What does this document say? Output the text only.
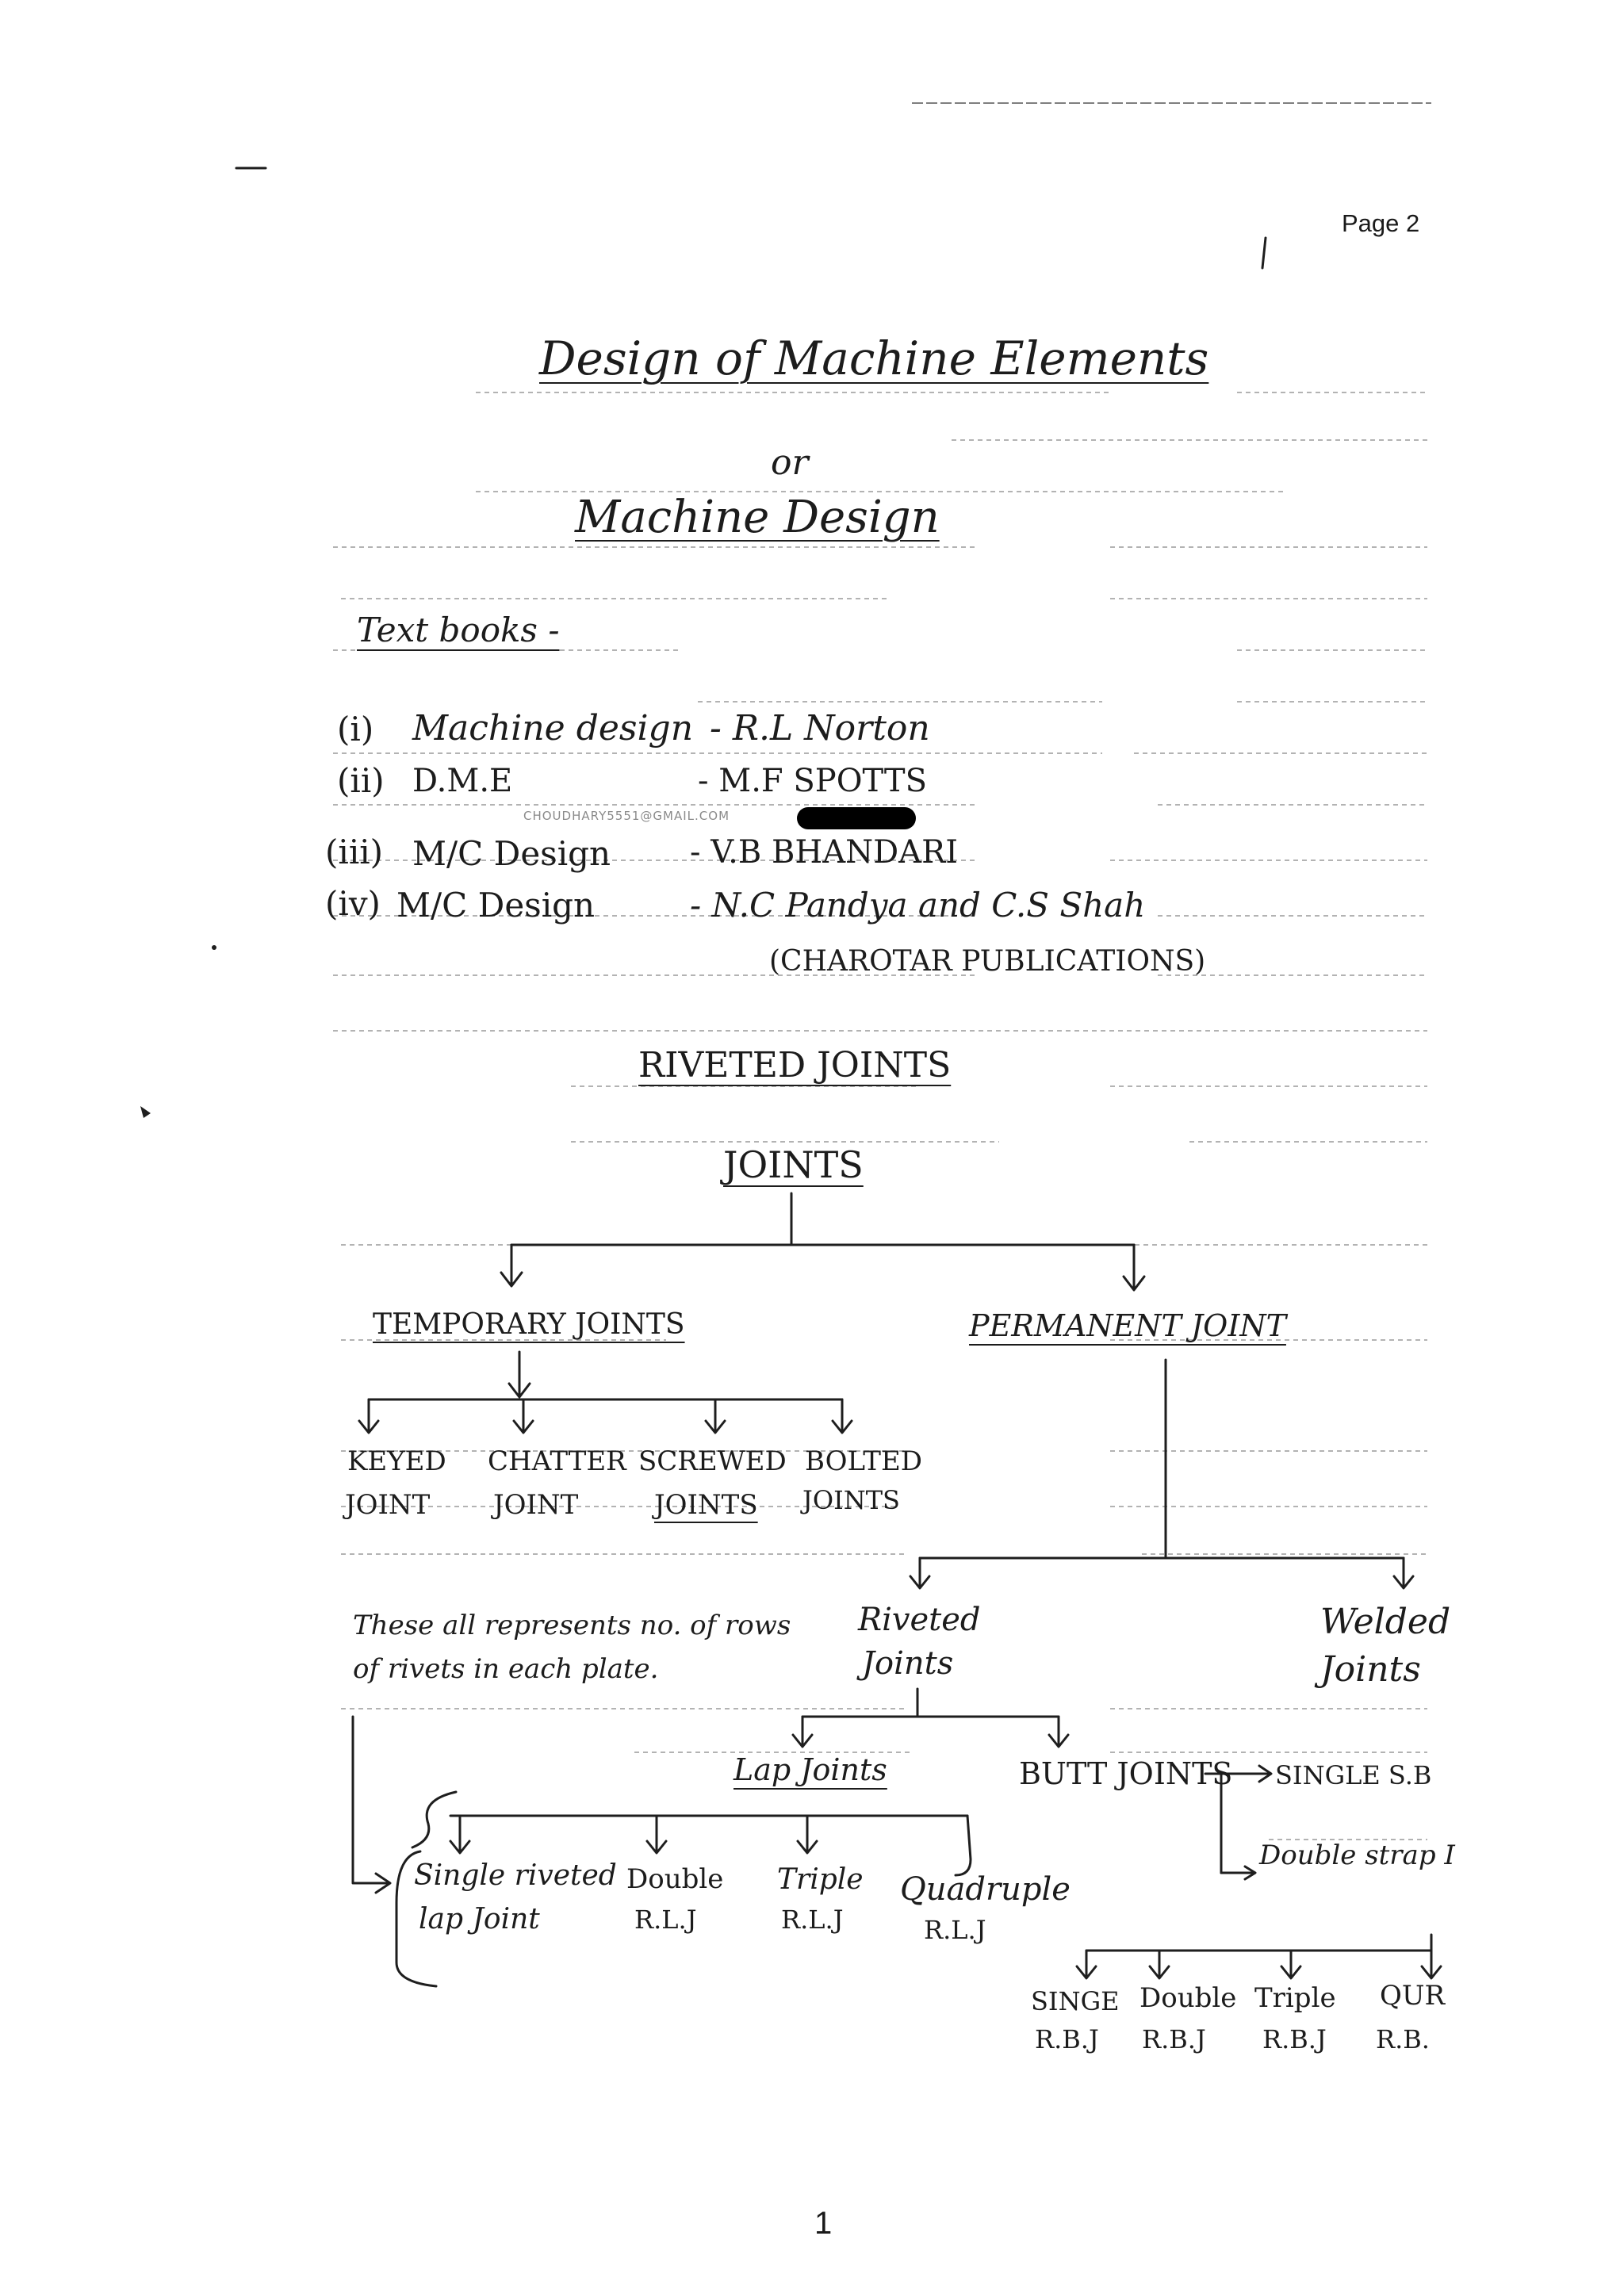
Page 2
Design of Machine Elements
or
Machine Design
Text books -
(i) Machine design - R.L Norton
(ii) D.M.E	- M.F SPOTTS
CHOUDHARY5551@GMAIL.COM
(iii) M/C Design - V.B BHANDARI
(iv) M/C Design	- N.C Pandya and C.S Shah
(CHAROTAR PUBLICATIONS)
RIVETED JOINTS
JOINTS
TEMPORARY JOINTS	PERMANENT JOINT
KEYED
JOINT
CHATTER
JOINT
SCREWED
JOINTS
BOLTED
JOINTS
These all represents no. of rows
of rivets in each plate.
Riveted
Joints
Welded
Joints
Lap Joints	BUTT JOINTS SINGLE S.B
Double strap I
Single riveted
lap Joint
Double
R.L.J
Triple
R.L.J
Quadruple
R.L.J
SINGE
R.B.J
Double
R.B.J
Triple
R.B.J
QUR
R.B.
1
